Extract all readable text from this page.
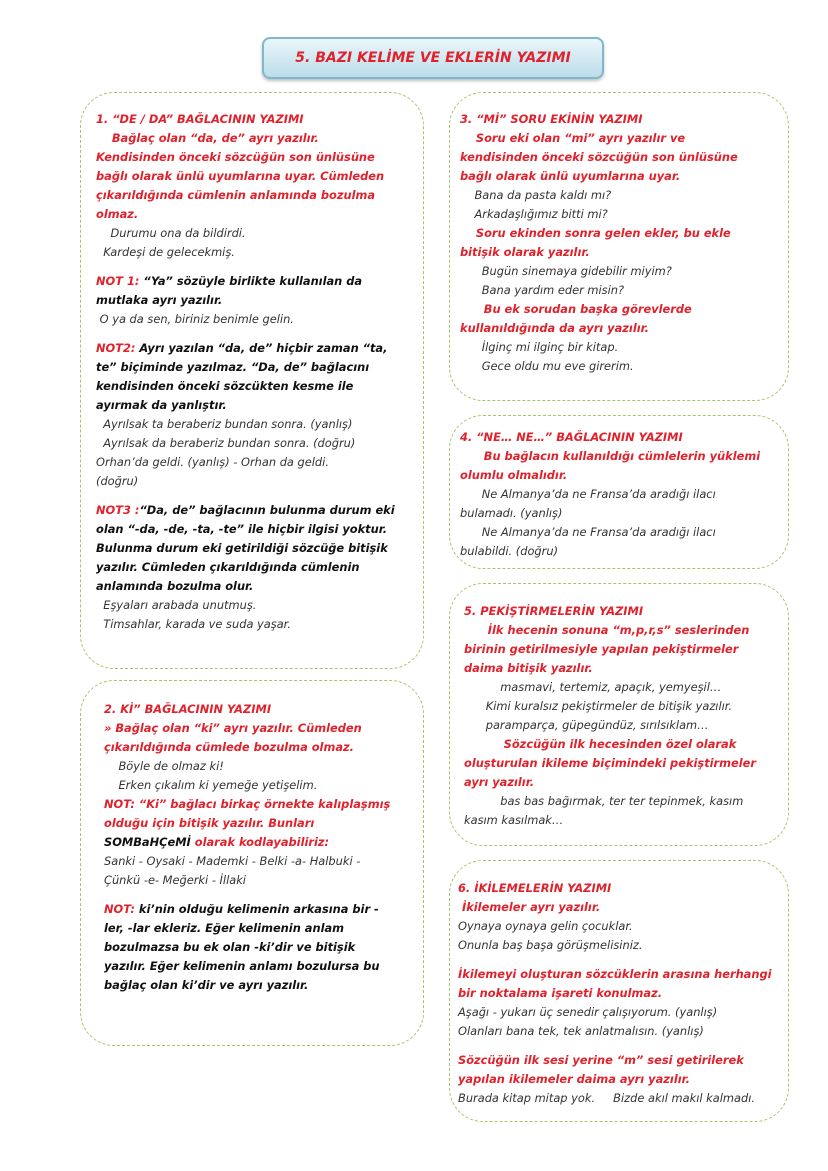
5. BAZI KELİME VE EKLERİN YAZIMI
1. “DE / DA” BAĞLACININ YAZIMI
Bağlaç olan “da, de” ayrı yazılır.
Kendisinden önceki sözcüğün son ünlüsüne
bağlı olarak ünlü uyumlarına uyar. Cümleden
çıkarıldığında cümlenin anlamında bozulma
olmaz.
Durumu ona da bildirdi.
Kardeşi de gelecekmiş.
NOT 1: “Ya” sözüyle birlikte kullanılan da
mutlaka ayrı yazılır.
O ya da sen, biriniz benimle gelin.
NOT2: Ayrı yazılan “da, de” hiçbir zaman “ta,
te” biçiminde yazılmaz. “Da, de” bağlacını
kendisinden önceki sözcükten kesme ile
ayırmak da yanlıştır.
Ayrılsak ta beraberiz bundan sonra. (yanlış)
Ayrılsak da beraberiz bundan sonra. (doğru)
Orhan’da geldi. (yanlış) - Orhan da geldi.
(doğru)
NOT3 :“Da, de” bağlacının bulunma durum eki
olan “-da, -de, -ta, -te” ile hiçbir ilgisi yoktur.
Bulunma durum eki getirildiği sözcüğe bitişik
yazılır. Cümleden çıkarıldığında cümlenin
anlamında bozulma olur.
Eşyaları arabada unutmuş.
Timsahlar, karada ve suda yaşar.
2. Kİ” BAĞLACININ YAZIMI
» Bağlaç olan “ki” ayrı yazılır. Cümleden
çıkarıldığında cümlede bozulma olmaz.
Böyle de olmaz ki!
Erken çıkalım ki yemeğe yetişelim.
NOT: “Ki” bağlacı birkaç örnekte kalıplaşmış
olduğu için bitişik yazılır. Bunları
SOMBaHÇeMİ olarak kodlayabiliriz:
Sanki - Oysaki - Mademki - Belki -a- Halbuki -
Çünkü -e- Meğerki - İllaki
NOT: ki’nin olduğu kelimenin arkasına bir -
ler, -lar ekleriz. Eğer kelimenin anlam
bozulmazsa bu ek olan -ki’dir ve bitişik
yazılır. Eğer kelimenin anlamı bozulursa bu
bağlaç olan ki’dir ve ayrı yazılır.
3. “Mİ” SORU EKİNİN YAZIMI
Soru eki olan “mi” ayrı yazılır ve
kendisinden önceki sözcüğün son ünlüsüne
bağlı olarak ünlü uyumlarına uyar.
Bana da pasta kaldı mı?
Arkadaşlığımız bitti mi?
Soru ekinden sonra gelen ekler, bu ekle
bitişik olarak yazılır.
Bugün sinemaya gidebilir miyim?
Bana yardım eder misin?
Bu ek sorudan başka görevlerde
kullanıldığında da ayrı yazılır.
İlginç mi ilginç bir kitap.
Gece oldu mu eve girerim.
4. “NE… NE…” BAĞLACININ YAZIMI
Bu bağlacın kullanıldığı cümlelerin yüklemi
olumlu olmalıdır.
Ne Almanya’da ne Fransa’da aradığı ilacı
bulamadı. (yanlış)
Ne Almanya’da ne Fransa’da aradığı ilacı
bulabildi. (doğru)
5. PEKİŞTİRMELERİN YAZIMI
İlk hecenin sonuna “m,p,r,s” seslerinden
birinin getirilmesiyle yapılan pekiştirmeler
daima bitişik yazılır.
masmavi, tertemiz, apaçık, yemyeşil…
Kimi kuralsız pekiştirmeler de bitişik yazılır.
paramparça, güpegündüz, sırılsıklam…
Sözcüğün ilk hecesinden özel olarak
oluşturulan ikileme biçimindeki pekiştirmeler
ayrı yazılır.
bas bas bağırmak, ter ter tepinmek, kasım
kasım kasılmak…
6. İKİLEMELERİN YAZIMI
İkilemeler ayrı yazılır.
Oynaya oynaya gelin çocuklar.
Onunla baş başa görüşmelisiniz.
İkilemeyi oluşturan sözcüklerin arasına herhangi
bir noktalama işareti konulmaz.
Aşağı - yukarı üç senedir çalışıyorum. (yanlış)
Olanları bana tek, tek anlatmalısın. (yanlış)
Sözcüğün ilk sesi yerine “m” sesi getirilerek
yapılan ikilemeler daima ayrı yazılır.
Burada kitap mitap yok.     Bizde akıl makıl kalmadı.
